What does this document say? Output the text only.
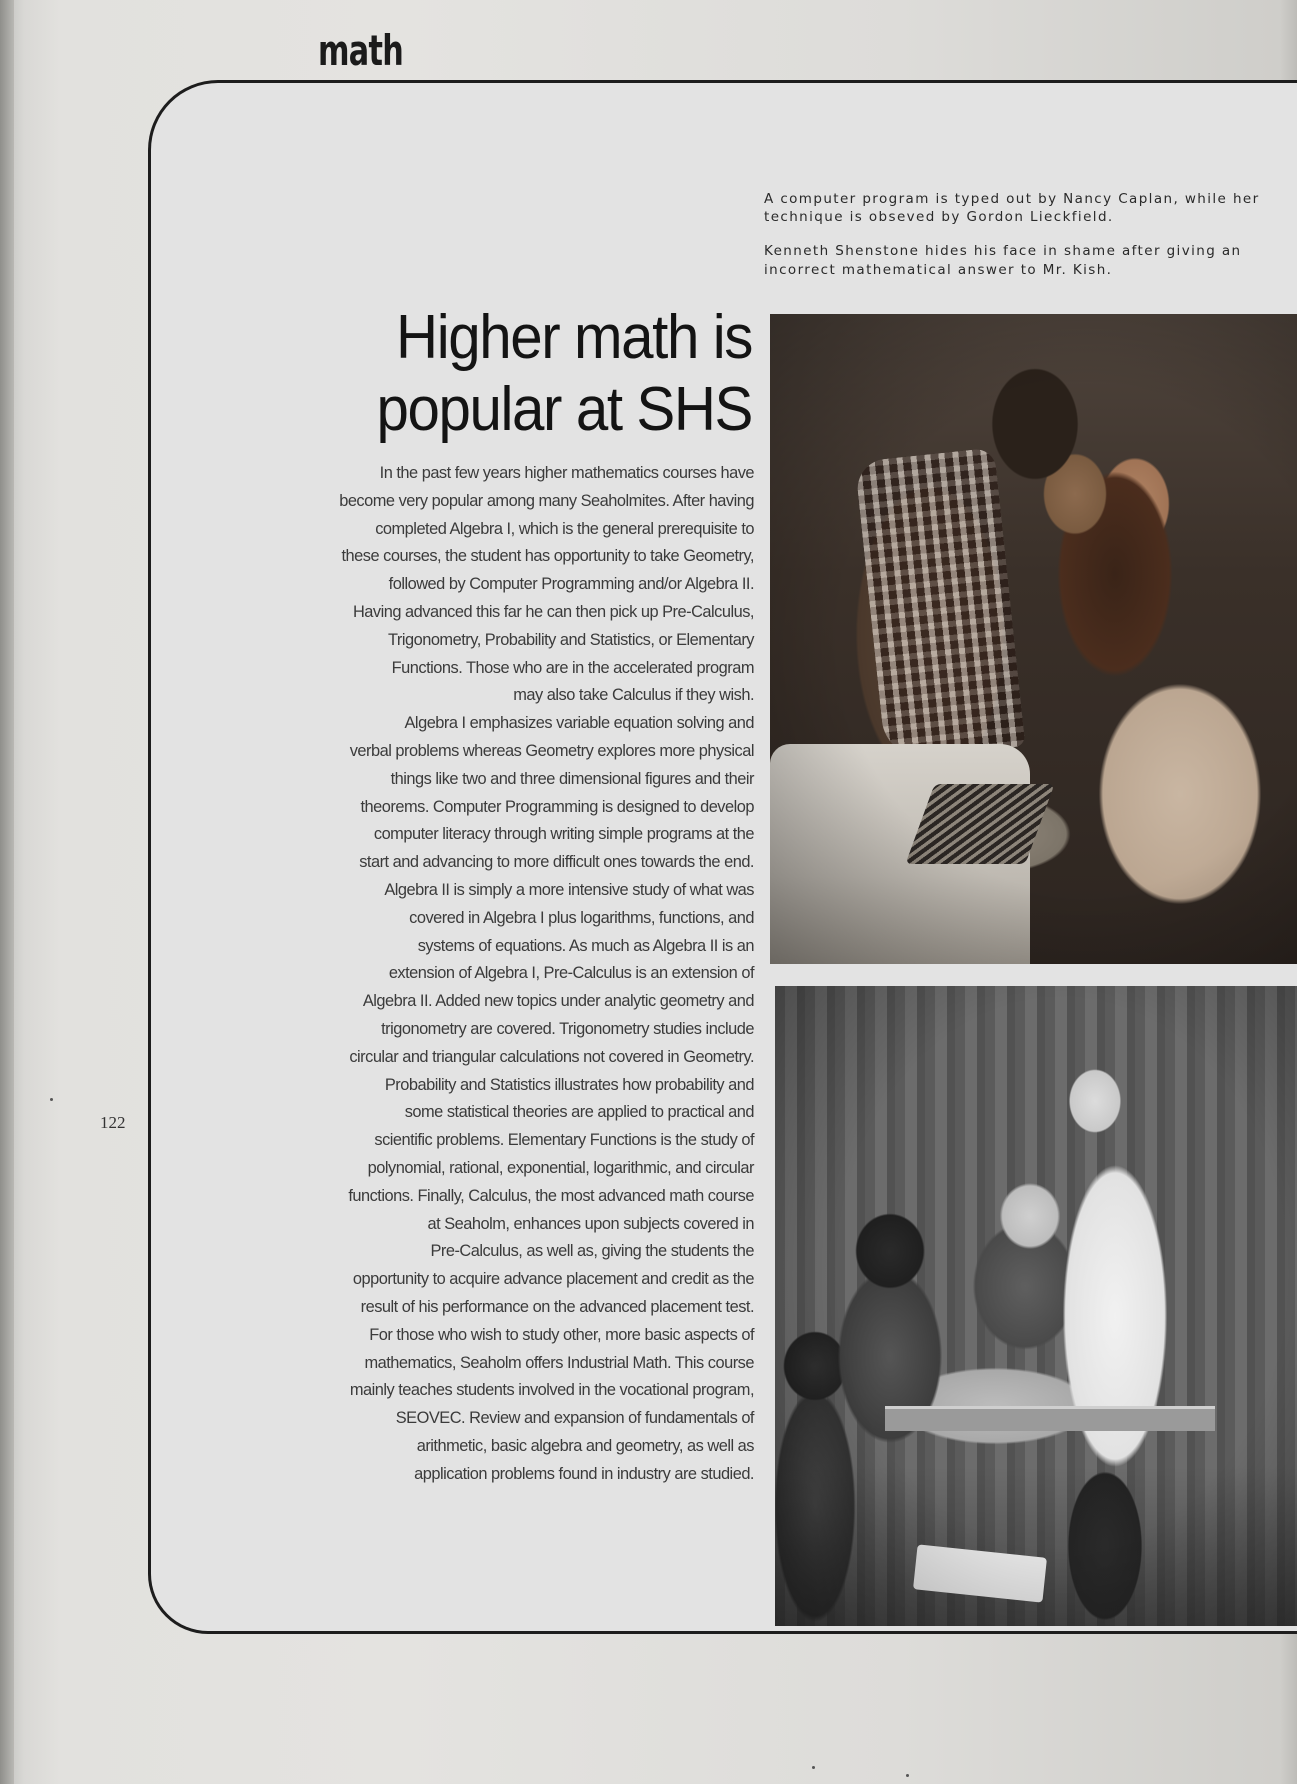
math
122

A computer program is typed out by Nancy Caplan, while her technique is obseved by Gordon Lieckfield.

Kenneth Shenstone hides his face in shame after giving an incorrect mathematical answer to Mr. Kish.

Higher math is
popular at SHS
In the past few years higher mathematics courses have
become very popular among many Seaholmites. After having
completed Algebra I, which is the general prerequisite to
these courses, the student has opportunity to take Geometry,
followed by Computer Programming and/or Algebra II.
Having advanced this far he can then pick up Pre-Calculus,
Trigonometry, Probability and Statistics, or Elementary
Functions. Those who are in the accelerated program
may also take Calculus if they wish.
Algebra I emphasizes variable equation solving and
verbal problems whereas Geometry explores more physical
things like two and three dimensional figures and their
theorems. Computer Programming is designed to develop
computer literacy through writing simple programs at the
start and advancing to more difficult ones towards the end.
Algebra II is simply a more intensive study of what was
covered in Algebra I plus logarithms, functions, and
systems of equations. As much as Algebra II is an
extension of Algebra I, Pre-Calculus is an extension of
Algebra II. Added new topics under analytic geometry and
trigonometry are covered. Trigonometry studies include
circular and triangular calculations not covered in Geometry.
Probability and Statistics illustrates how probability and
some statistical theories are applied to practical and
scientific problems. Elementary Functions is the study of
polynomial, rational, exponential, logarithmic, and circular
functions. Finally, Calculus, the most advanced math course
at Seaholm, enhances upon subjects covered in
Pre-Calculus, as well as, giving the students the
opportunity to acquire advance placement and credit as the
result of his performance on the advanced placement test.
For those who wish to study other, more basic aspects of
mathematics, Seaholm offers Industrial Math. This course
mainly teaches students involved in the vocational program,
SEOVEC. Review and expansion of fundamentals of
arithmetic, basic algebra and geometry, as well as
application problems found in industry are studied.
